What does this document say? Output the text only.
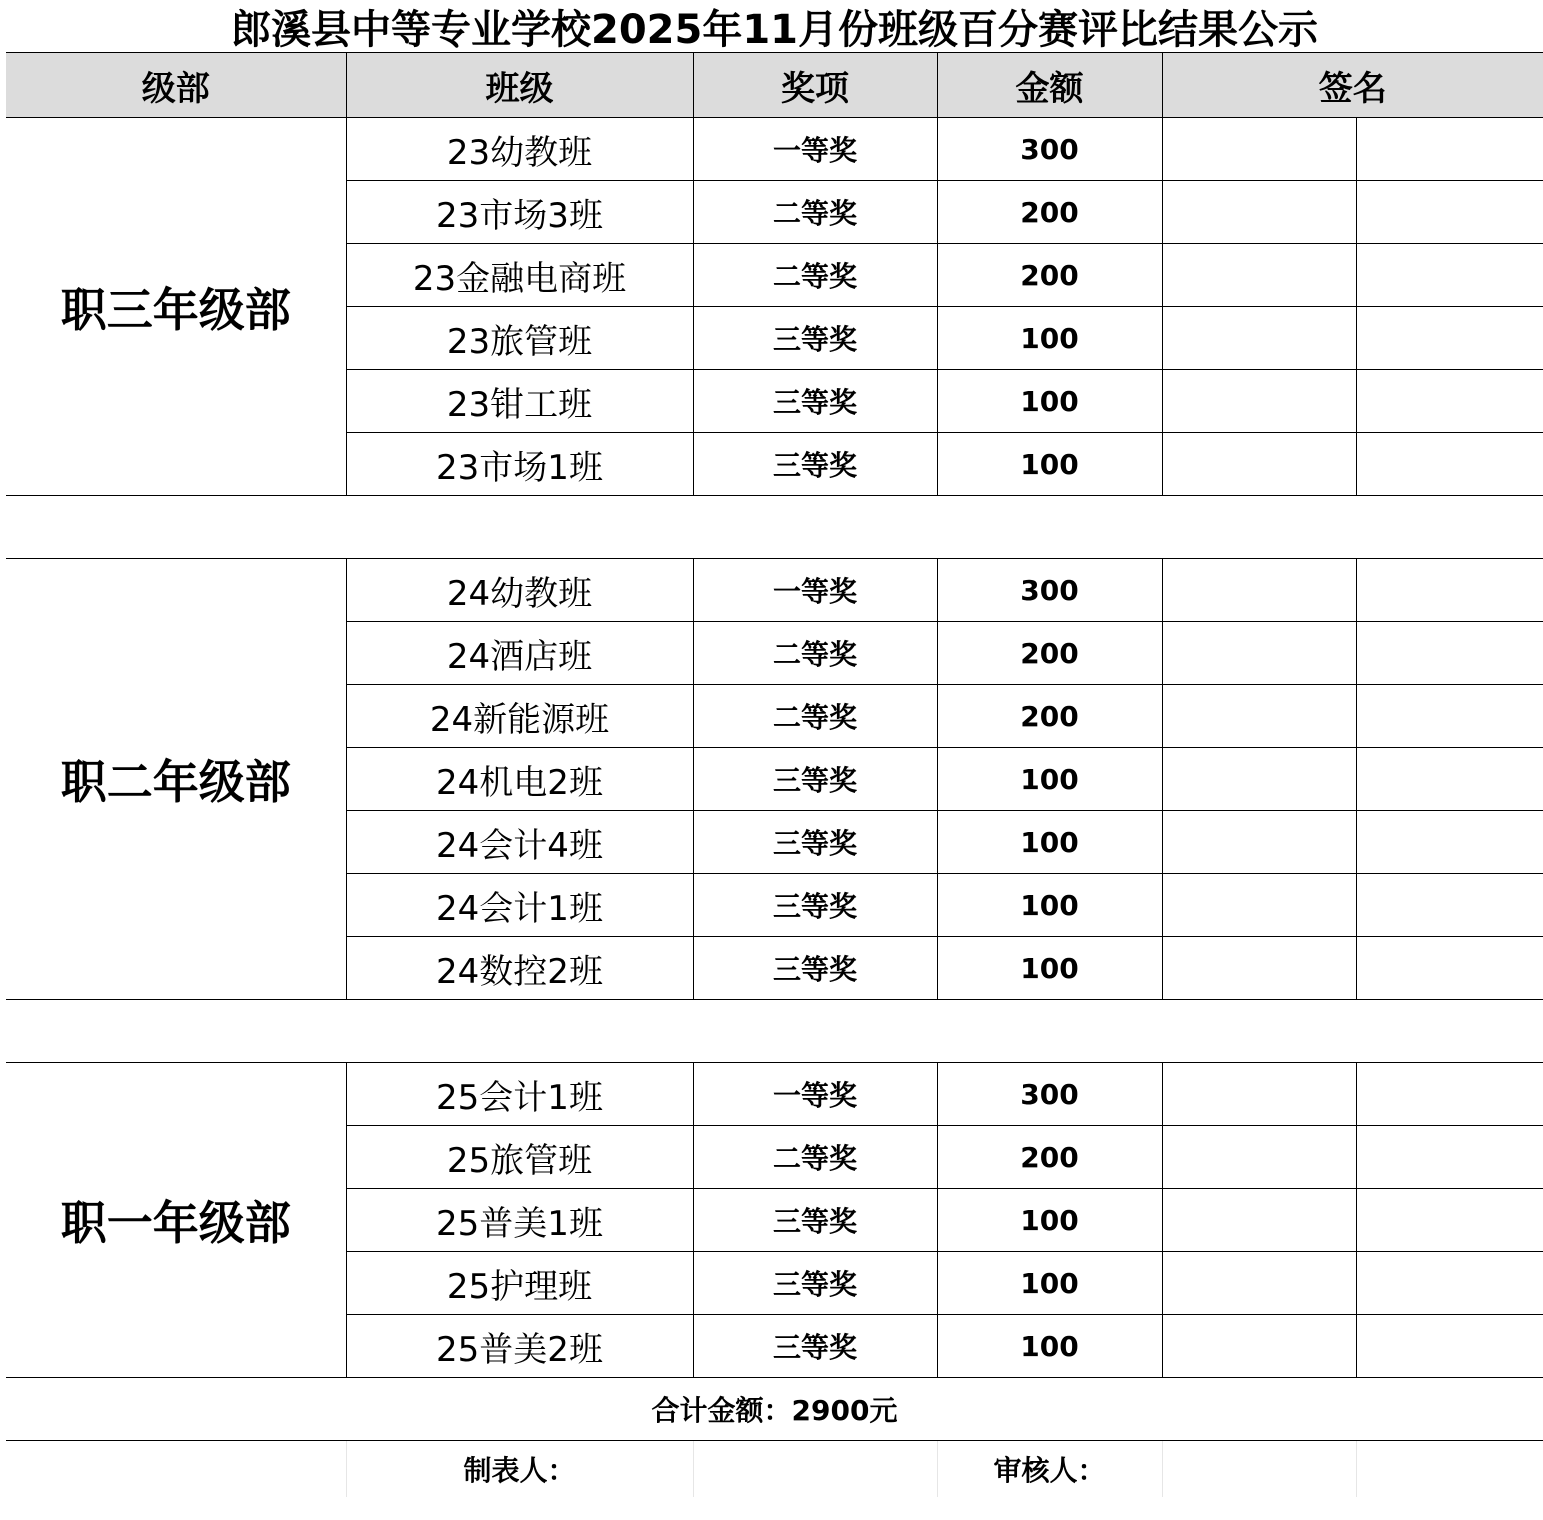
郎溪县中等专业学校2025年11月份班级百分赛评比结果公示
级部	班级	奖项	金额	签名	
职三年级部	23幼教班	一等奖	300		
	23市场3班	二等奖	200		
	23金融电商班	二等奖	200		
	23旅管班	三等奖	100		
	23钳工班	三等奖	100		
	23市场1班	三等奖	100		

职二年级部	24幼教班	一等奖	300		
	24酒店班	二等奖	200		
	24新能源班	二等奖	200		
	24机电2班	三等奖	100		
	24会计4班	三等奖	100		
	24会计1班	三等奖	100		
	24数控2班	三等奖	100		

职一年级部	25会计1班	一等奖	300		
	25旅管班	二等奖	200		
	25普美1班	三等奖	100		
	25护理班	三等奖	100		
	25普美2班	三等奖	100		
合计金额：2900元					
	制表人：		审核人：		
